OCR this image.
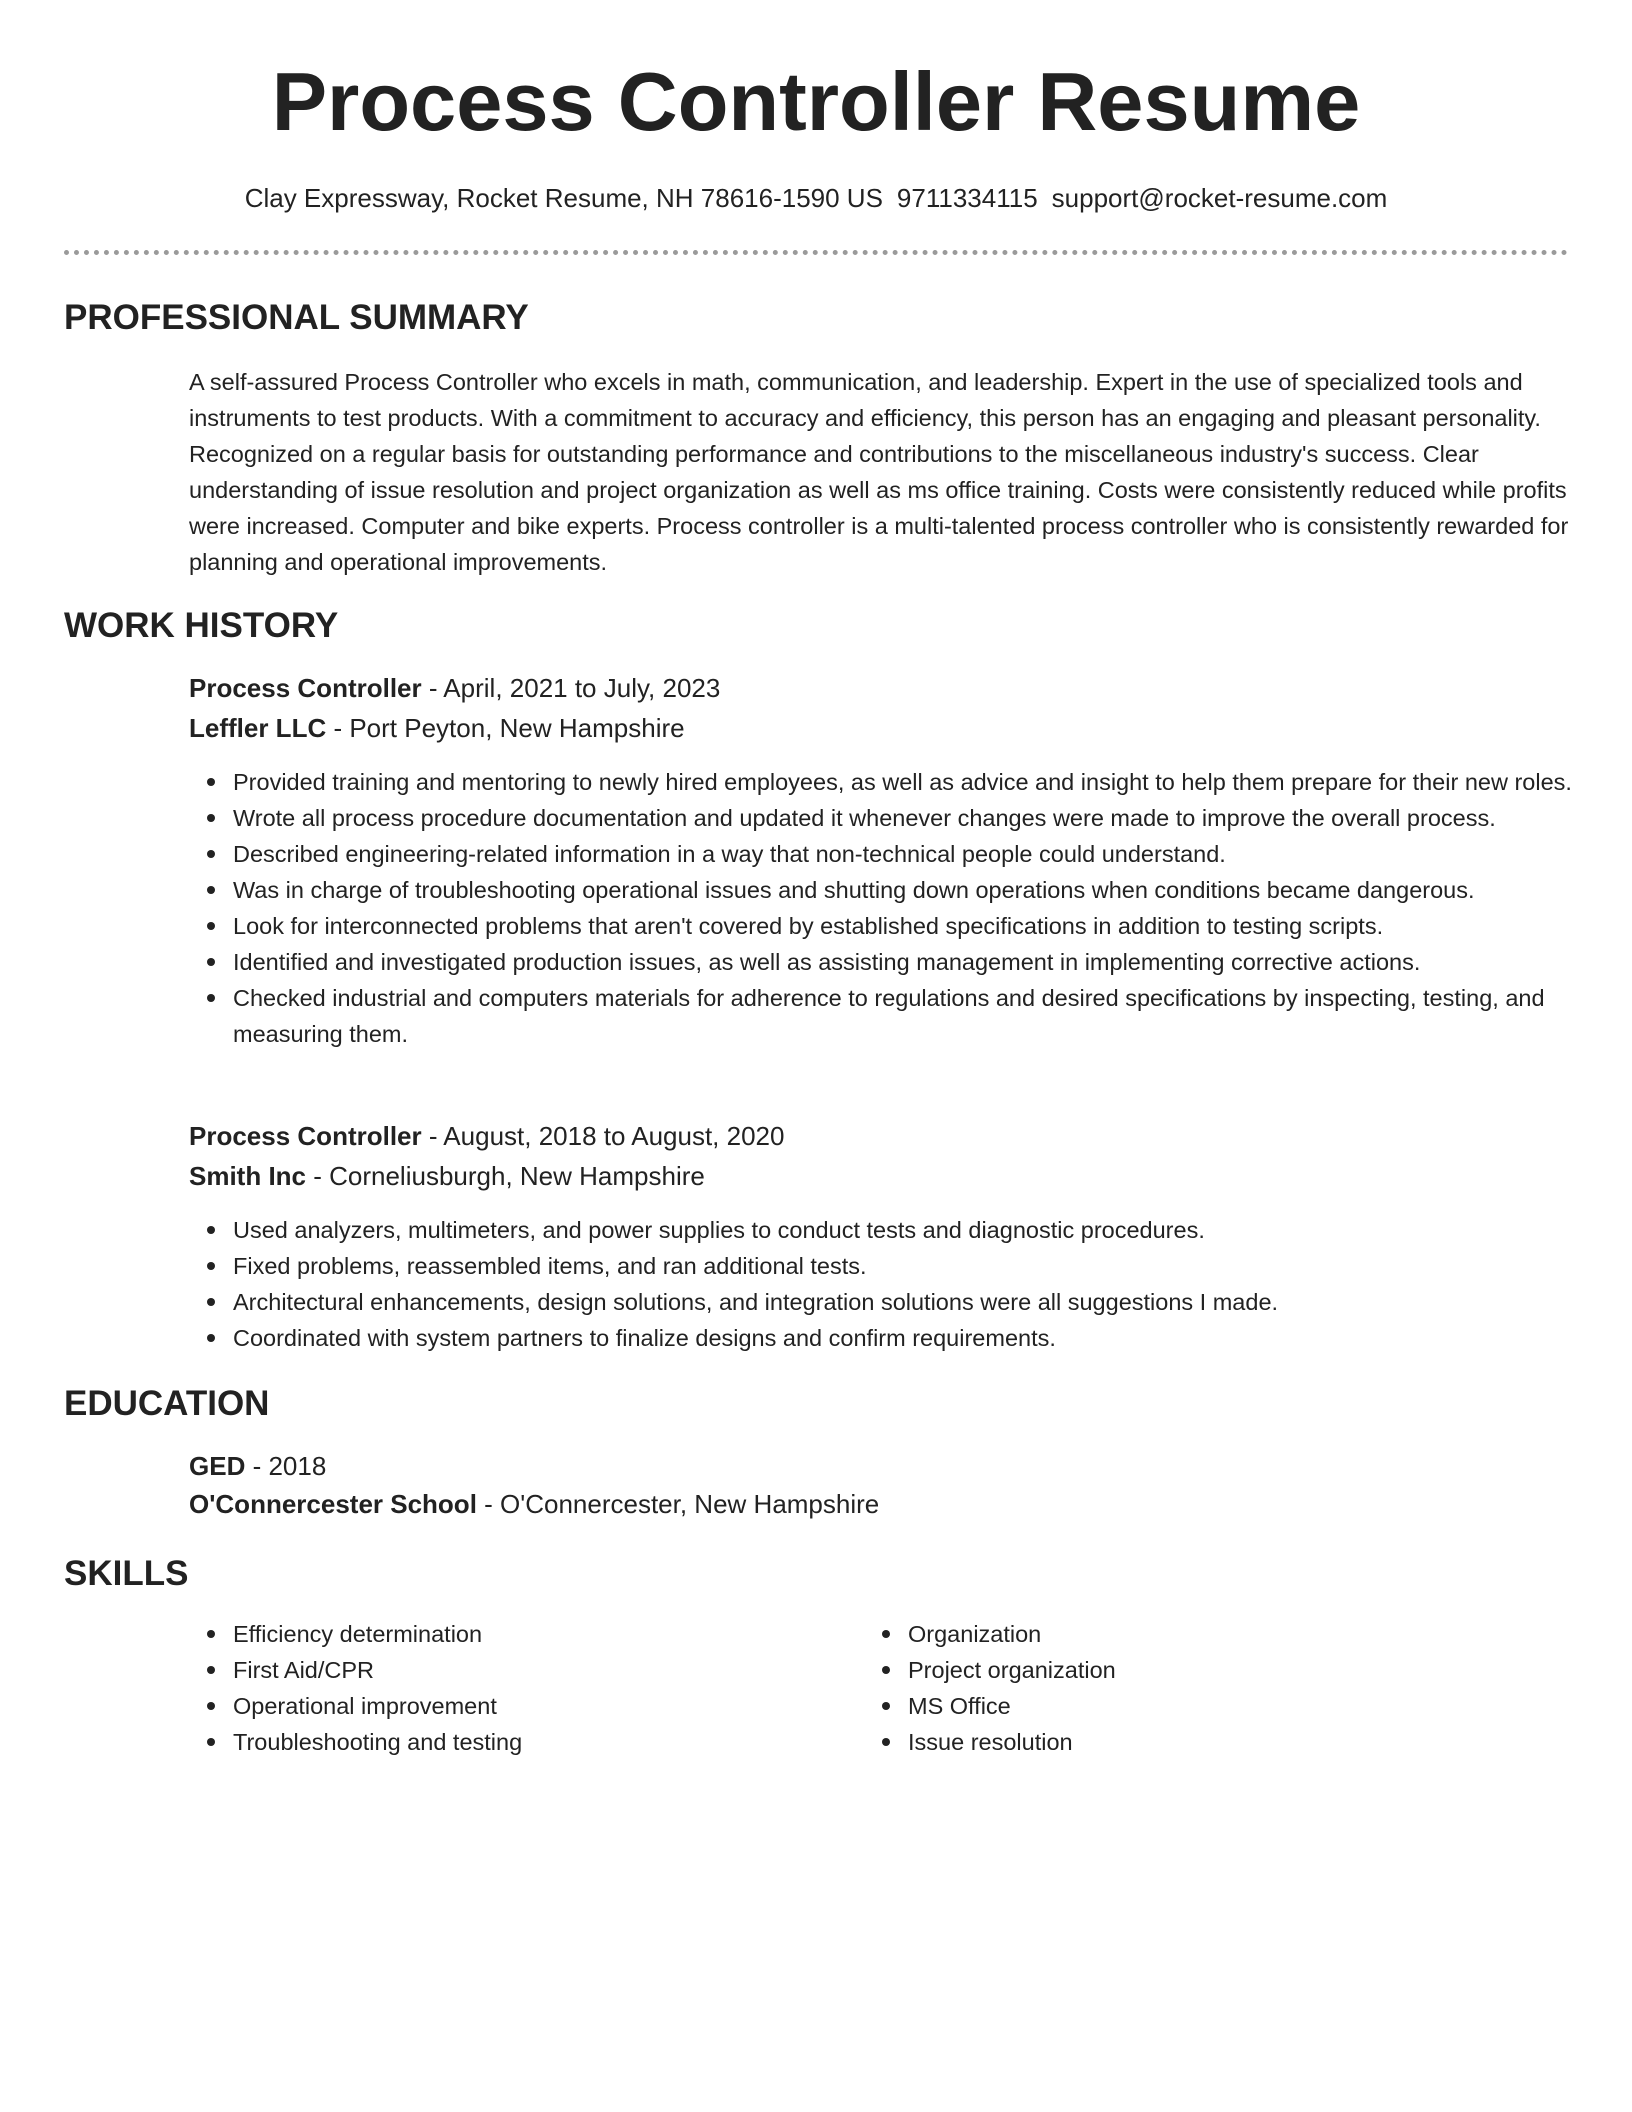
Process Controller Resume
Clay Expressway, Rocket Resume, NH 78616-1590 US 9711334115 support@rocket-resume.com
PROFESSIONAL SUMMARY

A self-assured Process Controller who excels in math, communication, and leadership. Expert in the use of specialized tools and instruments to test products. With a commitment to accuracy and efficiency, this person has an engaging and pleasant personality. Recognized on a regular basis for outstanding performance and contributions to the miscellaneous industry's success. Clear understanding of issue resolution and project organization as well as ms office training. Costs were consistently reduced while profits were increased. Computer and bike experts. Process controller is a multi-talented process controller who is consistently rewarded for planning and operational improvements.

WORK HISTORY
Process Controller - April, 2021 to July, 2023
Leffler LLC - Port Peyton, New Hampshire
Provided training and mentoring to newly hired employees, as well as advice and insight to help them prepare for their new roles.
Wrote all process procedure documentation and updated it whenever changes were made to improve the overall process.
Described engineering-related information in a way that non-technical people could understand.
Was in charge of troubleshooting operational issues and shutting down operations when conditions became dangerous.
Look for interconnected problems that aren't covered by established specifications in addition to testing scripts.
Identified and investigated production issues, as well as assisting management in implementing corrective actions.
Checked industrial and computers materials for adherence to regulations and desired specifications by inspecting, testing, and measuring them.
Process Controller - August, 2018 to August, 2020
Smith Inc - Corneliusburgh, New Hampshire
Used analyzers, multimeters, and power supplies to conduct tests and diagnostic procedures.
Fixed problems, reassembled items, and ran additional tests.
Architectural enhancements, design solutions, and integration solutions were all suggestions I made.
Coordinated with system partners to finalize designs and confirm requirements.
EDUCATION
GED - 2018
O'Connercester School - O'Connercester, New Hampshire
SKILLS
Efficiency determination
First Aid/CPR
Operational improvement
Troubleshooting and testing
Organization
Project organization
MS Office
Issue resolution
